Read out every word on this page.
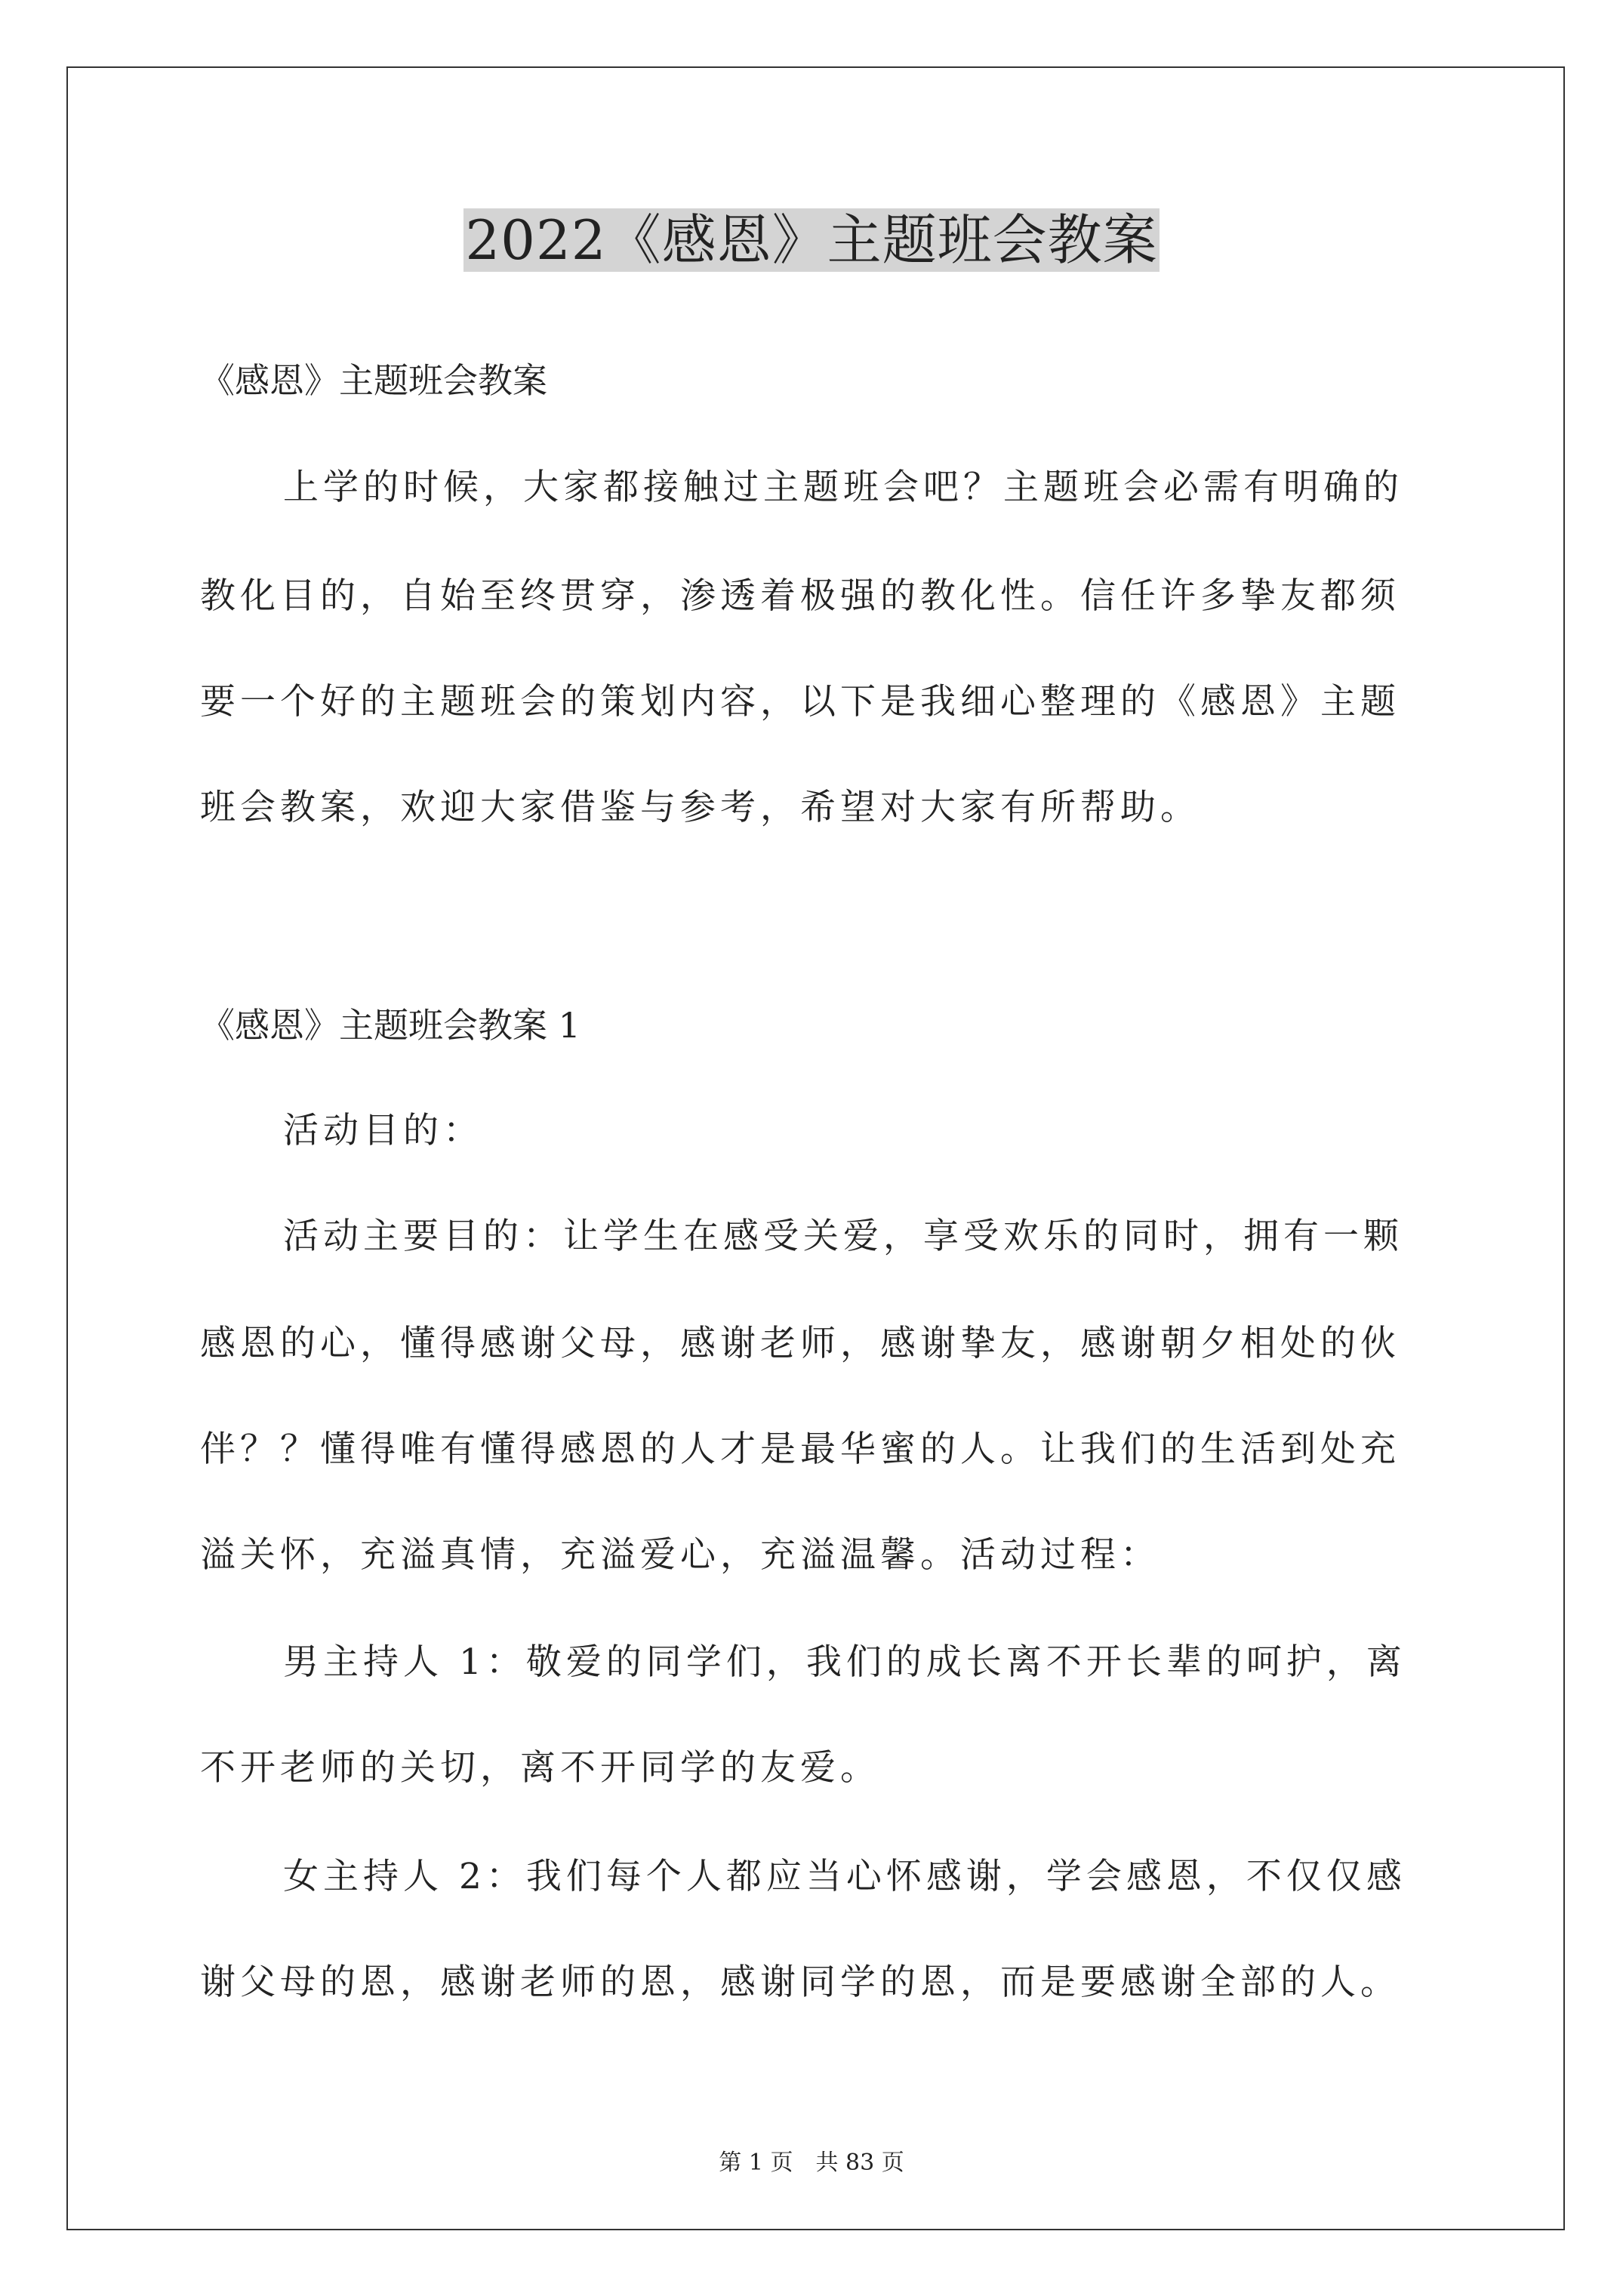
2022《感恩》主题班会教案
《感恩》主题班会教案
上学的时候，大家都接触过主题班会吧？主题班会必需有明确的
教化目的，自始至终贯穿，渗透着极强的教化性。信任许多挚友都须
要一个好的主题班会的策划内容，以下是我细心整理的《感恩》主题
班会教案，欢迎大家借鉴与参考，希望对大家有所帮助。
《感恩》主题班会教案 1
活动目的：
活动主要目的：让学生在感受关爱，享受欢乐的同时，拥有一颗
感恩的心，懂得感谢父母，感谢老师，感谢挚友，感谢朝夕相处的伙
伴？？懂得唯有懂得感恩的人才是最华蜜的人。让我们的生活到处充
溢关怀，充溢真情，充溢爱心，充溢温馨。活动过程：
男主持人 1：敬爱的同学们，我们的成长离不开长辈的呵护，离
不开老师的关切，离不开同学的友爱。
女主持人 2：我们每个人都应当心怀感谢，学会感恩，不仅仅感
谢父母的恩，感谢老师的恩，感谢同学的恩，而是要感谢全部的人。
第 1 页 共 83 页
